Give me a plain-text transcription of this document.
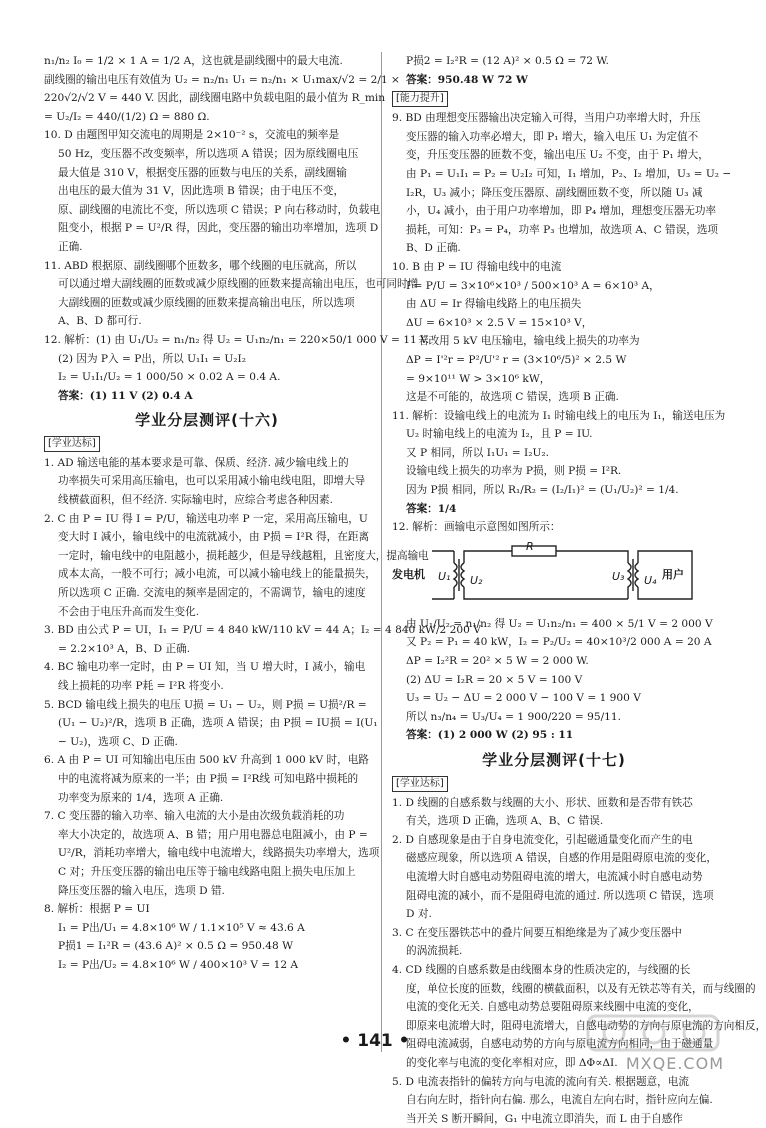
n₁/n₂ I₀ = 1/2 × 1 A = 1/2 A，这也就是副线圈中的最大电流.

副线圈的输出电压有效值为 U₂ = n₂/n₁ U₁ = n₂/n₁ × U₁max/√2 = 2/1 ×

220√2/√2 V = 440 V. 因此，副线圈电路中负载电阻的最小值为 R_min

= U₂/I₂ = 440/(1/2) Ω = 880 Ω.

10. D 由题图甲知交流电的周期是 2×10⁻² s，交流电的频率是

50 Hz，变压器不改变频率，所以选项 A 错误；因为原线圈电压

最大值是 310 V，根据变压器的匝数与电压的关系，副线圈输

出电压的最大值为 31 V，因此选项 B 错误；由于电压不变，

原、副线圈的电流比不变，所以选项 C 错误；P 向右移动时，负载电

阻变小，根据 P = U²/R 得，因此，变压器的输出功率增加，选项 D

正确.

11. ABD 根据原、副线圈哪个匝数多，哪个线圈的电压就高，所以

可以通过增大副线圈的匝数或减少原线圈的匝数来提高输出电压，也可同时增

大副线圈的匝数或减少原线圈的匝数来提高输出电压，所以选项

A、B、D 都可行.

12. 解析：(1) 由 U₁/U₂ = n₁/n₂ 得 U₂ = U₁n₂/n₁ = 220×50/1 000 V = 11 V.

(2) 因为 P入 = P出，所以 U₁I₁ = U₂I₂

I₂ = U₁I₁/U₂ = 1 000/50 × 0.02 A = 0.4 A.

答案：(1) 11 V (2) 0.4 A

学业分层测评(十六)

[学业达标]

1. AD 输送电能的基本要求是可靠、保质、经济. 减少输电线上的

功率损失可采用高压输电，也可以采用减小输电线电阻，即增大导

线横截面积，但不经济. 实际输电时，应综合考虑各种因素.

2. C 由 P = IU 得 I = P/U，输送电功率 P 一定，采用高压输电，U

变大时 I 减小，输电线中的电流就减小，由 P损 = I²R 得，在距离

一定时，输电线中的电阻越小，损耗越少，但是导线越粗，且密度大，提高输电

成本太高，一般不可行；减小电流，可以减小输电线上的能量损失，

所以选项 C 正确. 交流电的频率是固定的，不需调节，输电的速度

不会由于电压升高而发生变化.

3. BD 由公式 P = UI，I₁ = P/U = 4 840 kW/110 kV = 44 A；I₂ = 4 840 kW/2 200 V

= 2.2×10³ A，B、D 正确.

4. BC 输电功率一定时，由 P = UI 知，当 U 增大时，I 减小，输电

线上损耗的功率 P耗 = I²R 将变小.

5. BCD 输电线上损失的电压 U损 = U₁ − U₂，则 P损 = U损²/R =

(U₁ − U₂)²/R，选项 B 正确，选项 A 错误；由 P损 = IU损 = I(U₁

− U₂)，选项 C、D 正确.

6. A 由 P = UI 可知输出电压由 500 kV 升高到 1 000 kV 时，电路

中的电流将减为原来的一半；由 P损 = I²R线 可知电路中损耗的

功率变为原来的 1/4，选项 A 正确.

7. C 变压器的输入功率、输入电流的大小是由次级负载消耗的功

率大小决定的，故选项 A、B 错；用户用电器总电阻减小，由 P =

U²/R，消耗功率增大，输电线中电流增大，线路损失功率增大，选项

C 对；升压变压器的输出电压等于输电线路电阻上损失电压加上

降压变压器的输入电压，选项 D 错.

8. 解析：根据 P = UI

I₁ = P出/U₁ = 4.8×10⁶ W / 1.1×10⁵ V ≈ 43.6 A

P损1 = I₁²R = (43.6 A)² × 0.5 Ω = 950.48 W

I₂ = P出/U₂ = 4.8×10⁶ W / 400×10³ V = 12 A

P损2 = I₂²R = (12 A)² × 0.5 Ω = 72 W.

答案：950.48 W 72 W

[能力提升]

9. BD 由理想变压器输出决定输入可得，当用户功率增大时，升压

变压器的输入功率必增大，即 P₁ 增大，输入电压 U₁ 为定值不

变，升压变压器的匝数不变，输出电压 U₂ 不变，由于 P₁ 增大，

由 P₁ = U₁I₁ = P₂ = U₂I₂ 可知，I₁ 增加，P₂、I₂ 增加，U₃ = U₂ −

I₂R，U₃ 减小；降压变压器原、副线圈匝数不变，所以随 U₃ 减

小，U₄ 减小，由于用户功率增加，即 P₄ 增加，理想变压器无功率

损耗，可知：P₃ = P₄，功率 P₃ 也增加，故选项 A、C 错误，选项

B、D 正确.

10. B 由 P = IU 得输电线中的电流

I = P/U = 3×10⁶×10³ / 500×10³ A = 6×10³ A，

由 ΔU = Ir 得输电线路上的电压损失

ΔU = 6×10³ × 2.5 V = 15×10³ V，

若改用 5 kV 电压输电，输电线上损失的功率为

ΔP = I'²r = P²/U'² r = (3×10⁶/5)² × 2.5 W

= 9×10¹¹ W > 3×10⁶ kW，

这是不可能的，故选项 C 错误，选项 B 正确.

11. 解析：设输电线上的电流为 I₁ 时输电线上的电压为 I₁，输送电压为

U₂ 时输电线上的电流为 I₂，且 P = IU.

又 P 相同，所以 I₁U₁ = I₂U₂.

设输电线上损失的功率为 P损，则 P损 = I²R.

因为 P损 相同，所以 R₁/R₂ = (I₂/I₁)² = (U₁/U₂)² = 1/4.

答案：1/4

12. 解析：画输电示意图如图所示：

发电机 U₁ U₂
R
U₃ U₄ 用户

由 U₁/U₂ = n₁/n₂ 得 U₂ = U₁n₂/n₁ = 400 × 5/1 V = 2 000 V

又 P₂ = P₁ = 40 kW，I₂ = P₂/U₂ = 40×10³/2 000 A = 20 A

ΔP = I₂²R = 20² × 5 W = 2 000 W.

(2) ΔU = I₂R = 20 × 5 V = 100 V

U₃ = U₂ − ΔU = 2 000 V − 100 V = 1 900 V

所以 n₃/n₄ = U₃/U₄ = 1 900/220 = 95/11.

答案：(1) 2 000 W (2) 95 : 11

学业分层测评(十七)

[学业达标]

1. D 线圈的自感系数与线圈的大小、形状、匝数和是否带有铁芯

有关，选项 D 正确，选项 A、B、C 错误.

2. D 自感现象是由于自身电流变化，引起磁通量变化而产生的电

磁感应现象，所以选项 A 错误，自感的作用是阻碍原电流的变化，

电流增大时自感电动势阻碍电流的增大，电流减小时自感电动势

阻碍电流的减小，而不是阻碍电流的通过. 所以选项 C 错误，选项

D 对.

3. C 在变压器铁芯中的叠片间要互相绝缘是为了减少变压器中

的涡流损耗.

4. CD 线圈的自感系数是由线圈本身的性质决定的，与线圈的长

度，单位长度的匝数，线圈的横截面积，以及有无铁芯等有关，而与线圈的

电流的变化无关. 自感电动势总要阻碍原来线圈中电流的变化，

即原来电流增大时，阻碍电流增大，自感电动势的方向与原电流的方向相反，

阻碍电流减弱，自感电动势的方向与原电流方向相同，由于磁通量

的变化率与电流的变化率相对应，即 ΔΦ∝ΔI.

5. D 电流表指针的偏转方向与电流的流向有关. 根据题意，电流

自右向左时，指针向右偏. 那么，电流自左向右时，指针应向左偏.

当开关 S 断开瞬间，G₁ 中电流立即消失，而 L 由于自感作

• 141 •
MXQE.COM
